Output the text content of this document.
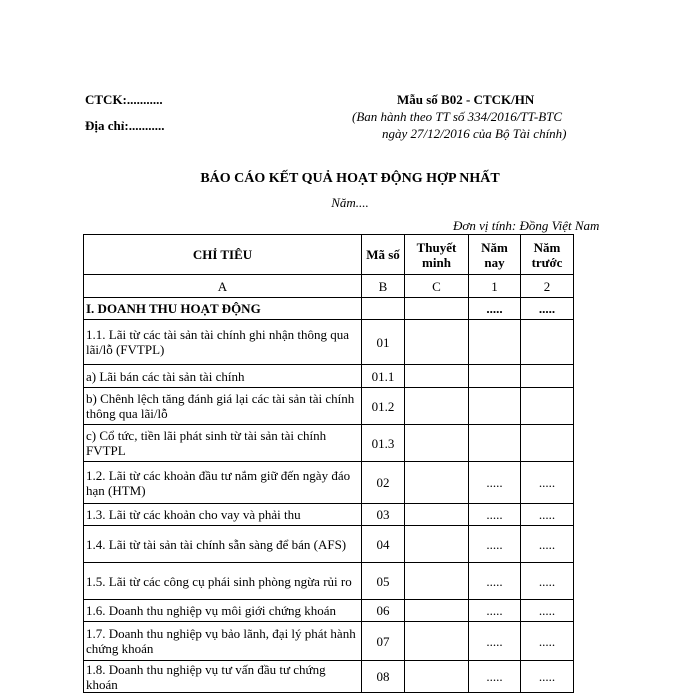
CTCK:...........
Địa chỉ:...........
Mẫu số B02 - CTCK/HN
(Ban hành theo TT số 334/2016/TT-BTC
ngày 27/12/2016 của Bộ Tài chính)
BÁO CÁO KẾT QUẢ HOẠT ĐỘNG HỢP NHẤT
Năm....
Đơn vị tính: Đồng Việt Nam
CHỈ TIÊU	Mã số	Thuyết minh	Năm nay	Năm trước
A	B	C	1	2
I. DOANH THU HOẠT ĐỘNG			.....	.....
1.1. Lãi từ các tài sản tài chính ghi nhận thông qua lãi/lỗ (FVTPL)	01			
a) Lãi bán các tài sản tài chính	01.1			
b) Chênh lệch tăng đánh giá lại các tài sản tài chính thông qua lãi/lỗ	01.2			
c) Cổ tức, tiền lãi phát sinh từ tài sản tài chính FVTPL	01.3			
1.2. Lãi từ các khoản đầu tư nắm giữ đến ngày đáo hạn (HTM)	02		.....	.....
1.3. Lãi từ các khoản cho vay và phải thu	03		.....	.....
1.4. Lãi từ tài sản tài chính sẵn sàng để bán (AFS)	04		.....	.....
1.5. Lãi từ các công cụ phái sinh phòng ngừa rủi ro	05		.....	.....
1.6. Doanh thu nghiệp vụ môi giới chứng khoán	06		.....	.....
1.7. Doanh thu nghiệp vụ bảo lãnh, đại lý phát hành chứng khoán	07		.....	.....
1.8. Doanh thu nghiệp vụ tư vấn đầu tư chứng khoán	08		.....	.....
